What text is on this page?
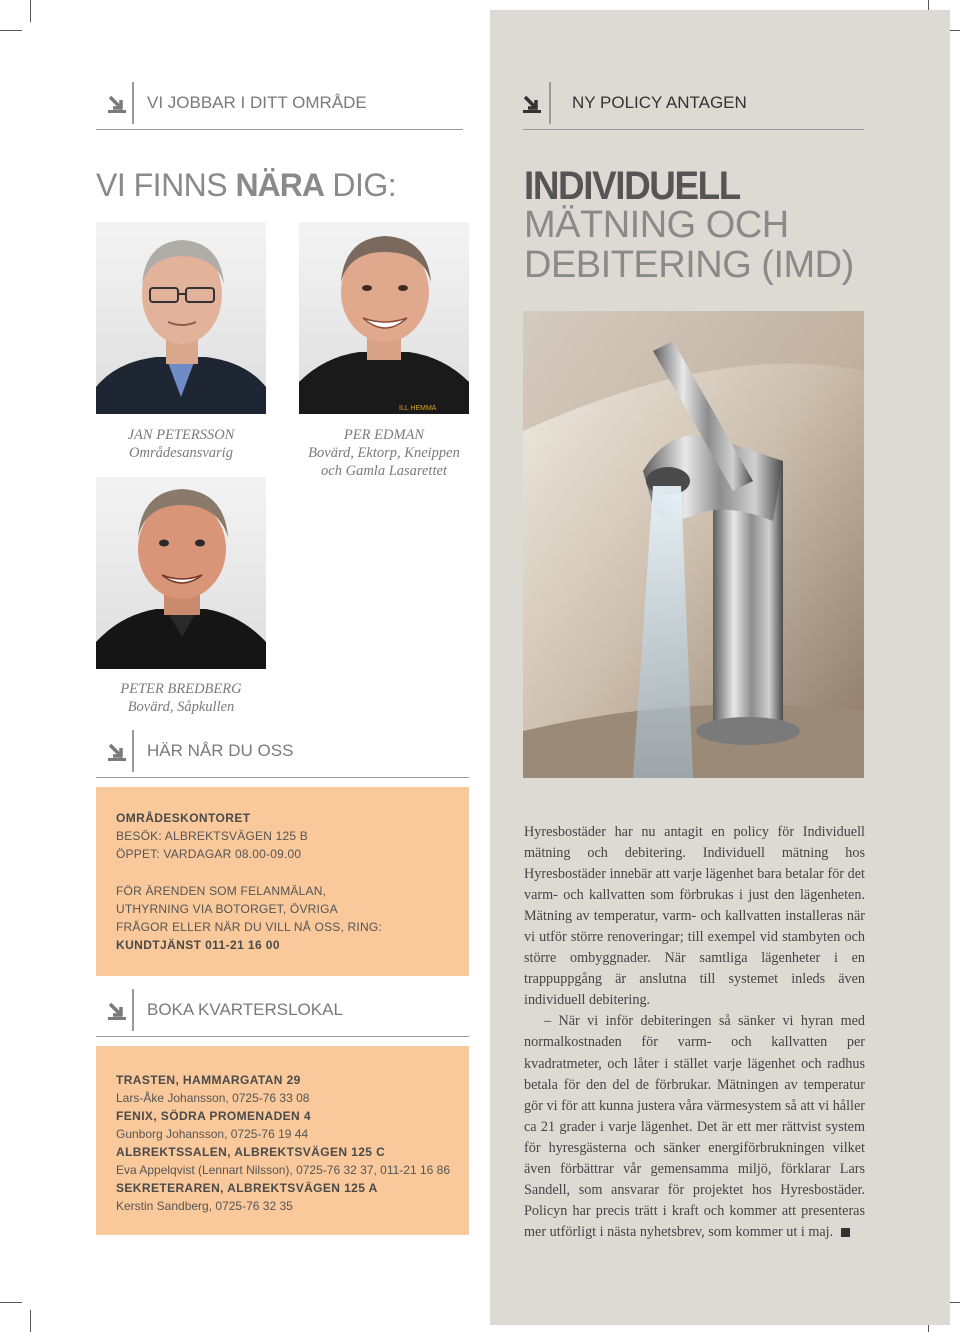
VI JOBBAR I DITT OMRÅDE
VI FINNS NÄRA DIG:
JAN PETERSSON
Områdesansvarig
ILL HEMMA
PER EDMAN
Bovärd, Ektorp, Kneippen
och Gamla Lasarettet
PETER BREDBERG
Bovärd, Såpkullen
HÄR NÅR DU OSS
OMRÅDESKONTORET
BESÖK: ALBREKTSVÄGEN 125 B
ÖPPET: VARDAGAR 08.00-09.00
FÖR ÄRENDEN SOM FELANMÄLAN,
UTHYRNING VIA BOTORGET, ÖVRIGA
FRÅGOR ELLER NÄR DU VILL NÅ OSS, RING:
KUNDTJÄNST 011-21 16 00
BOKA KVARTERSLOKAL
TRASTEN, HAMMARGATAN 29
Lars-Åke Johansson, 0725-76 33 08
FENIX, SÖDRA PROMENADEN 4
Gunborg Johansson, 0725-76 19 44
ALBREKTSSALEN, ALBREKTSVÄGEN 125 C
Eva Appelqvist (Lennart Nilsson), 0725-76 32 37, 011-21 16 86
SEKRETERAREN, ALBREKTSVÄGEN 125 A
Kerstin Sandberg, 0725-76 32 35
NY POLICY ANTAGEN
INDIVIDUELL
MÄTNING OCH
DEBITERING (IMD)

Hyresbostäder har nu antagit en policy för Individuell mätning och debitering. Individuell mätning hos Hyresbostäder innebär att varje lägenhet bara betalar för det varm- och kallvatten som förbrukas i just den lägenheten. Mätning av temperatur, varm- och kallvatten installeras när vi utför större renoveringar; till exempel vid stambyten och större ombyggnader. När samtliga lägenheter i en trappuppgång är anslutna till systemet inleds även individuell debitering.

– När vi inför debiteringen så sänker vi hyran med normalkostnaden för varm- och kallvatten per kvadratmeter, och låter i stället varje lägenhet och radhus betala för den del de förbrukar. Mätningen av temperatur gör vi för att kunna justera våra värmesystem så att vi håller ca 21 grader i varje lägenhet. Det är ett mer rättvist system för hyresgästerna och sänker energiförbrukningen vilket även förbättrar vår gemensamma miljö, förklarar Lars Sandell, som ansvarar för projektet hos Hyresbostäder. Policyn har precis trätt i kraft och kommer att presenteras mer utförligt i nästa nyhetsbrev, som kommer ut i maj.
